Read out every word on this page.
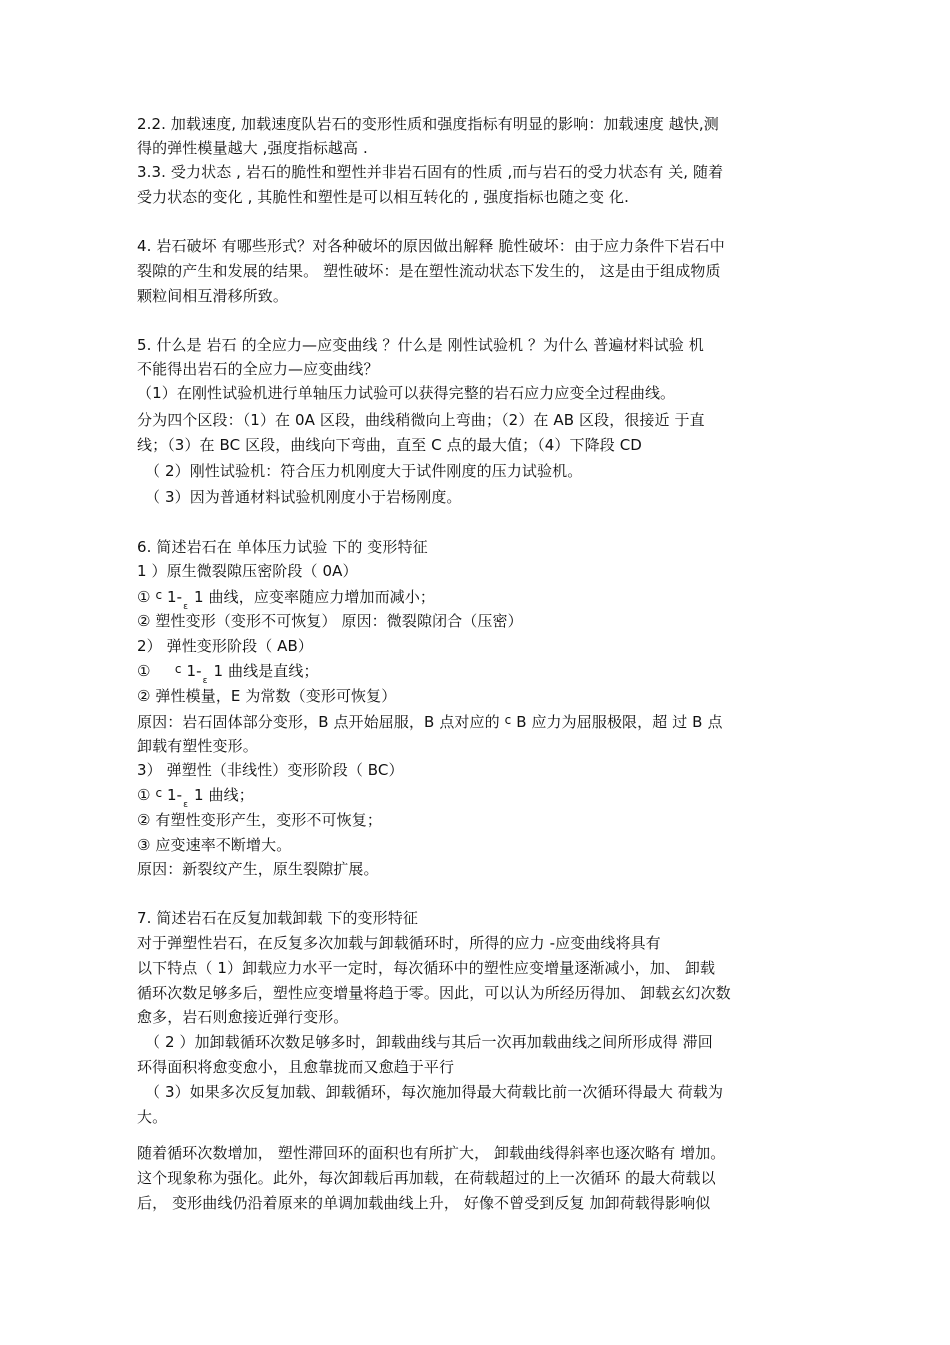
2.2. 加载速度, 加载速度队岩石的变形性质和强度指标有明显的影响：加载速度 越快,测
得的弹性模量越大 ,强度指标越高 .
3.3. 受力状态 , 岩石的脆性和塑性并非岩石固有的性质 ,而与岩石的受力状态有 关, 随着
受力状态的变化 , 其脆性和塑性是可以相互转化的 , 强度指标也随之变 化.
4. 岩石破坏 有哪些形式？对各种破坏的原因做出解释 脆性破坏：由于应力条件下岩石中
裂隙的产生和发展的结果。 塑性破坏：是在塑性流动状态下发生的， 这是由于组成物质
颗粒间相互滑移所致。
5. 什么是 岩石 的全应力—应变曲线 ？什么是 刚性试验机 ？为什么 普遍材料试验 机
不能得出岩石的全应力—应变曲线？
（1）在刚性试验机进行单轴压力试验可以获得完整的岩石应力应变全过程曲线。
分为四个区段：（1）在 0A 区段，曲线稍微向上弯曲；（2）在 AB 区段，很接近 于直
线；（3）在 BC 区段，曲线向下弯曲，直至 C 点的最大值；（4）下降段 CD
（ 2）刚性试验机：符合压力机刚度大于试件刚度的压力试验机。
（ 3）因为普通材料试验机刚度小于岩杨刚度。
6. 简述岩石在 单体压力试验 下的 变形特征
1 ）原生微裂隙压密阶段（ 0A）
① $^c$ $1-_\varepsilon$ 1 曲线，应变率随应力增加而减小；
② 塑性变形（变形不可恢复） 原因：微裂隙闭合（压密）
2） 弹性变形阶段（ AB）
① $^c$ $1-_\varepsilon$ 1 曲线是直线；
② 弹性模量，E 为常数（变形可恢复）
原因：岩石固体部分变形，B 点开始屈服，B 点对应的 $^c$ B 应力为屈服极限，超 过 B 点
卸载有塑性变形。
3） 弹塑性（非线性）变形阶段（ BC）
① $^c$ $1-_\varepsilon$ 1 曲线；
② 有塑性变形产生，变形不可恢复；
③ 应变速率不断增大。
原因：新裂纹产生，原生裂隙扩展。
7. 简述岩石在反复加载卸载 下的变形特征
对于弹塑性岩石，在反复多次加载与卸载循环时，所得的应力 -应变曲线将具有
以下特点（ 1）卸载应力水平一定时，每次循环中的塑性应变增量逐渐减小，加、 卸载
循环次数足够多后，塑性应变增量将趋于零。因此，可以认为所经历得加、 卸载玄幻次数
愈多，岩石则愈接近弹行变形。
（ 2 ）加卸载循环次数足够多时，卸载曲线与其后一次再加载曲线之间所形成得 滞回
环得面积将愈变愈小，且愈靠拢而又愈趋于平行
（ 3）如果多次反复加载、卸载循环，每次施加得最大荷载比前一次循环得最大 荷载为
大。
随着循环次数增加， 塑性滞回环的面积也有所扩大， 卸载曲线得斜率也逐次略有 增加。
这个现象称为强化。此外，每次卸载后再加载，在荷载超过的上一次循环 的最大荷载以
后， 变形曲线仍沿着原来的单调加载曲线上升， 好像不曾受到反复 加卸荷载得影响似
